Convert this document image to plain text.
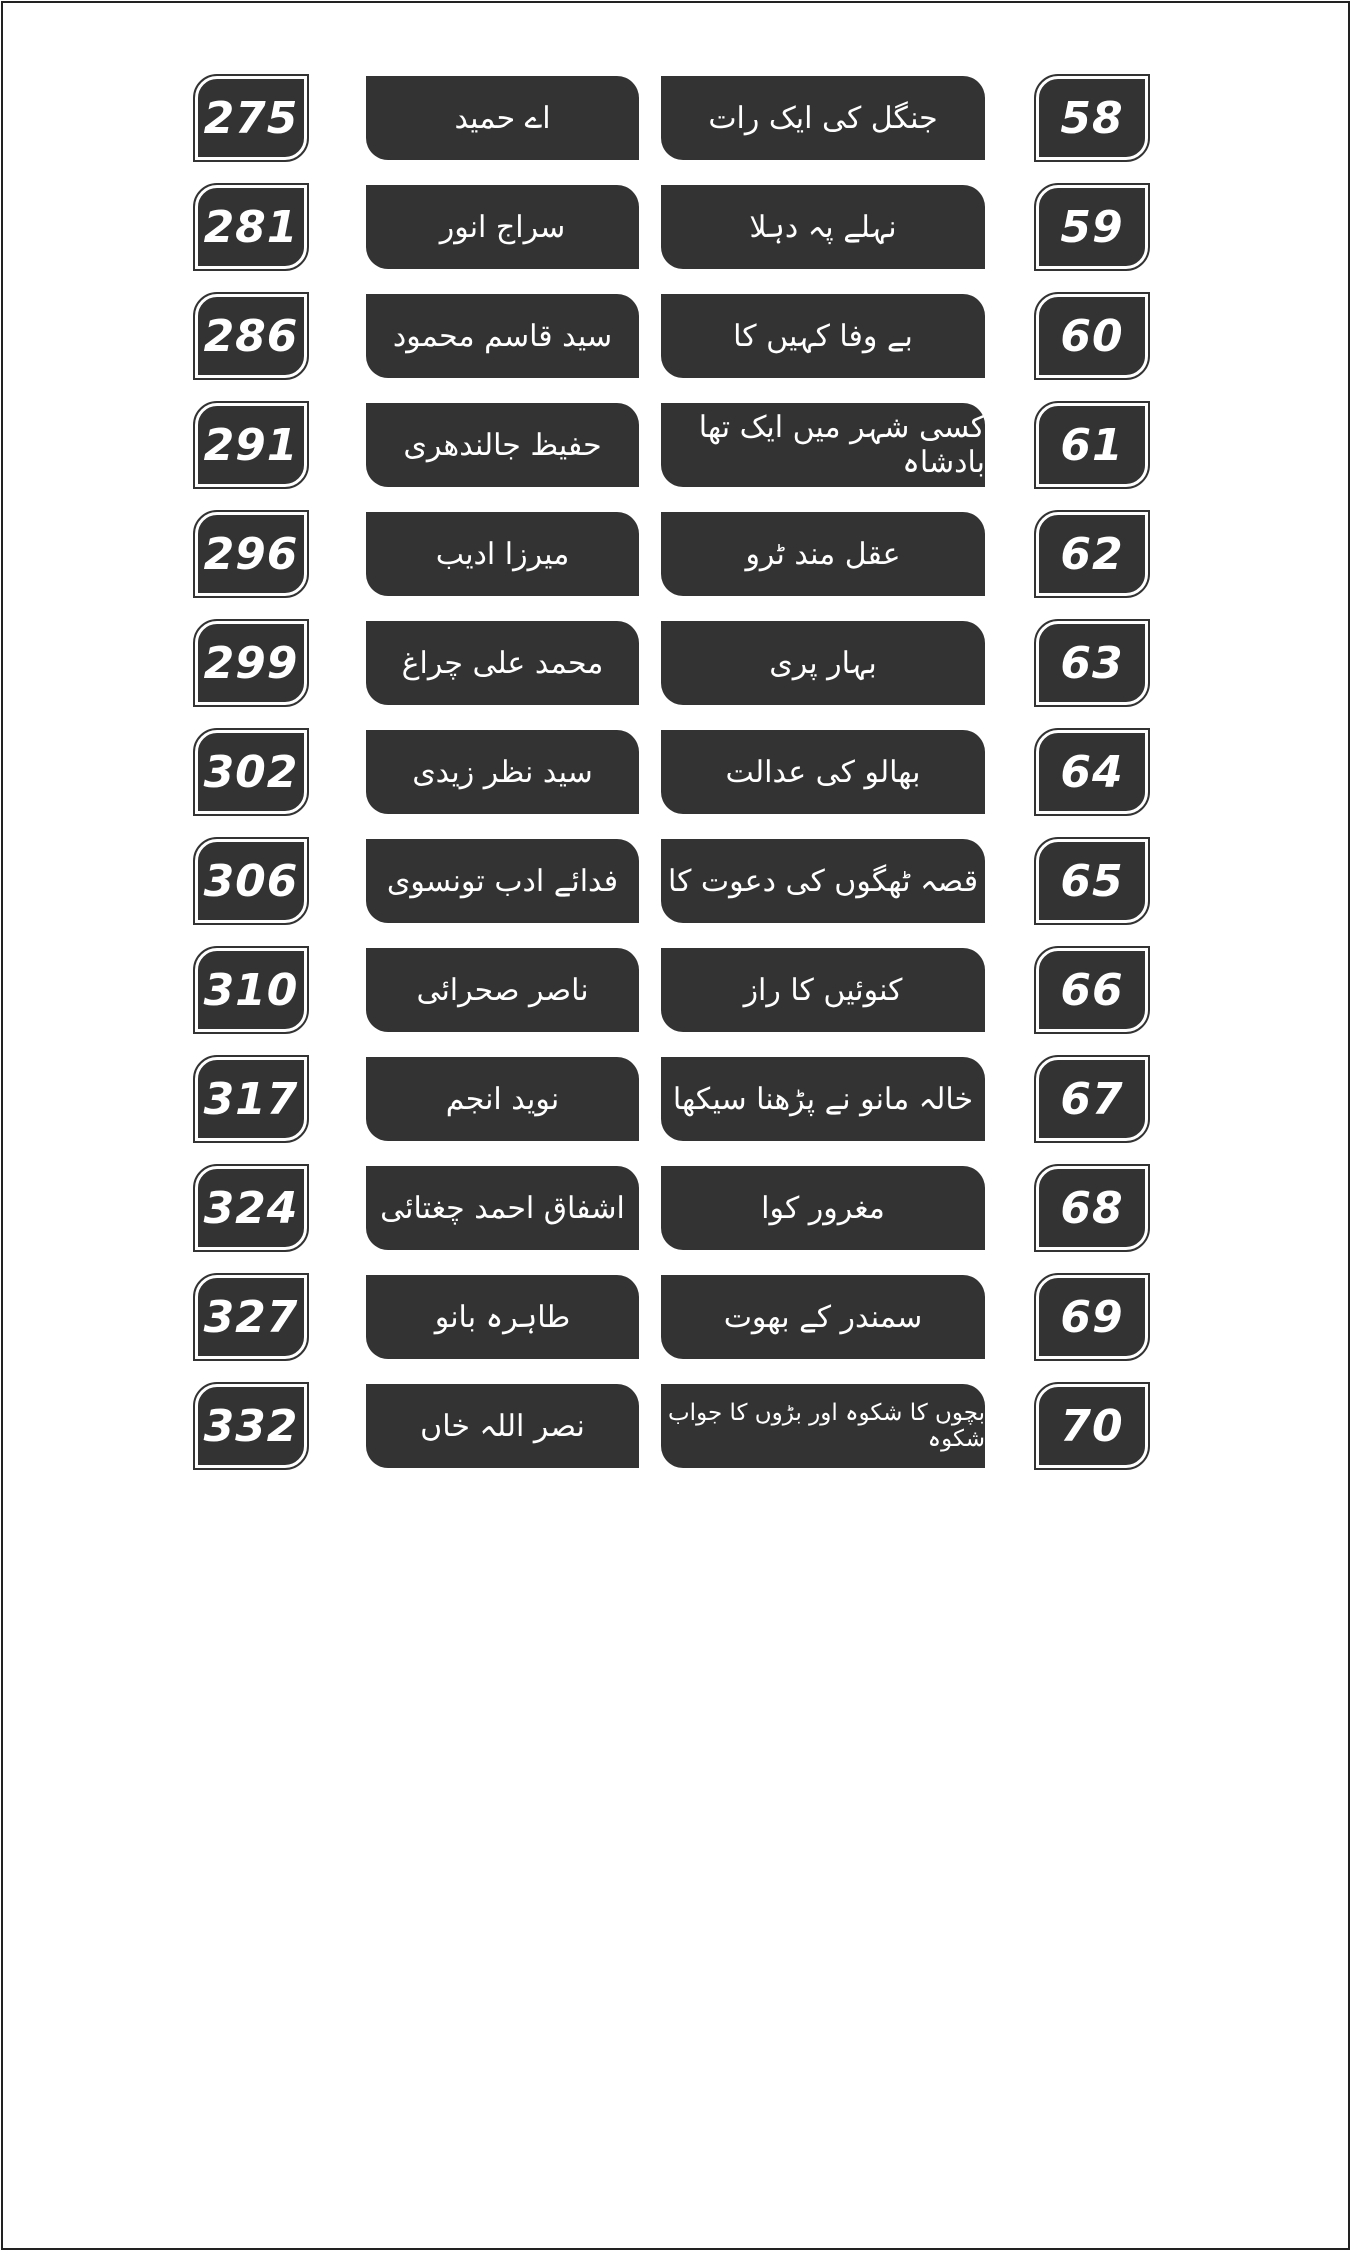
275	اے حمید	جنگل کی ایک رات	58
281	سراج انور	نہلے پہ دہلا	59
286	سید قاسم محمود	بے وفا کہیں کا	60
291	حفیظ جالندھری	کسی شہر میں ایک تھا بادشاہ	61
296	میرزا ادیب	عقل مند ٹرو	62
299	محمد علی چراغ	بہار پری	63
302	سید نظر زیدی	بھالو کی عدالت	64
306	فدائے ادب تونسوی	قصہ ٹھگوں کی دعوت کا	65
310	ناصر صحرائی	کنوئیں کا راز	66
317	نوید انجم	خالہ مانو نے پڑھنا سیکھا	67
324	اشفاق احمد چغتائی	مغرور کوا	68
327	طاہرہ بانو	سمندر کے بھوت	69
332	نصر اللہ خاں	بچوں کا شکوہ اور بڑوں کا جواب شکوہ	70
